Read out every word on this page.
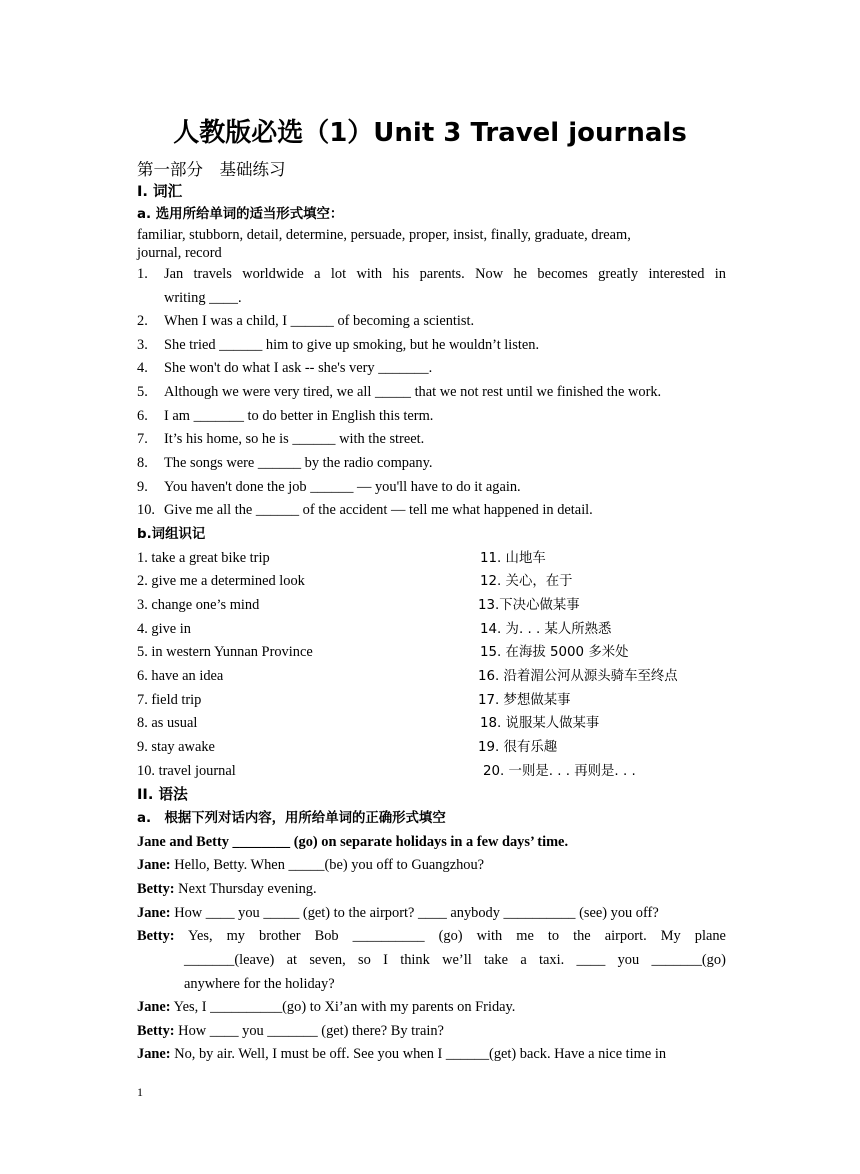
人教版必选（1）Unit 3 Travel journals
第一部分　基础练习
I. 词汇
a. 选用所给单词的适当形式填空：
familiar, stubborn, detail, determine, persuade, proper, insist, finally, graduate, dream,
journal, record
1. Jan travels worldwide a lot with his parents. Now he becomes greatly interested in
writing ____.
2. When I was a child, I ______ of becoming a scientist.
3. She tried ______ him to give up smoking, but he wouldn’t listen.
4. She won't do what I ask -- she's very _______.
5. Although we were very tired, we all _____ that we not rest until we finished the work.
6. I am _______ to do better in English this term.
7. It’s his home, so he is ______ with the street.
8. The songs were ______ by the radio company.
9. You haven't done the job ______ — you'll have to do it again.
10. Give me all the ______ of the accident — tell me what happened in detail.
b.词组识记
1. take a great bike trip
2. give me a determined look
3. change one’s mind
4. give in
5. in western Yunnan Province
6. have an idea
7. field trip
8. as usual
9. stay awake
10. travel journal
11. 山地车
12. 关心，在于
13.下决心做某事
14. 为. . . 某人所熟悉
15. 在海拔 5000 多米处
16. 沿着湄公河从源头骑车至终点
17. 梦想做某事
18. 说服某人做某事
19. 很有乐趣
20. 一则是. . . 再则是. . .
II. 语法
a.　根据下列对话内容，用所给单词的正确形式填空
Jane and Betty ________ (go) on separate holidays in a few days’ time.
Jane: Hello, Betty. When _____(be) you off to Guangzhou?
Betty: Next Thursday evening.
Jane: How ____ you _____ (get) to the airport? ____ anybody __________ (see) you off?
Betty: Yes, my brother Bob __________ (go) with me to the airport. My plane
_______(leave) at seven, so I think we’ll take a taxi. ____ you _______(go)
anywhere for the holiday?
Jane: Yes, I __________(go) to Xi’an with my parents on Friday.
Betty: How ____ you _______ (get) there? By train?
Jane: No, by air. Well, I must be off. See you when I ______(get) back. Have a nice time in
1
